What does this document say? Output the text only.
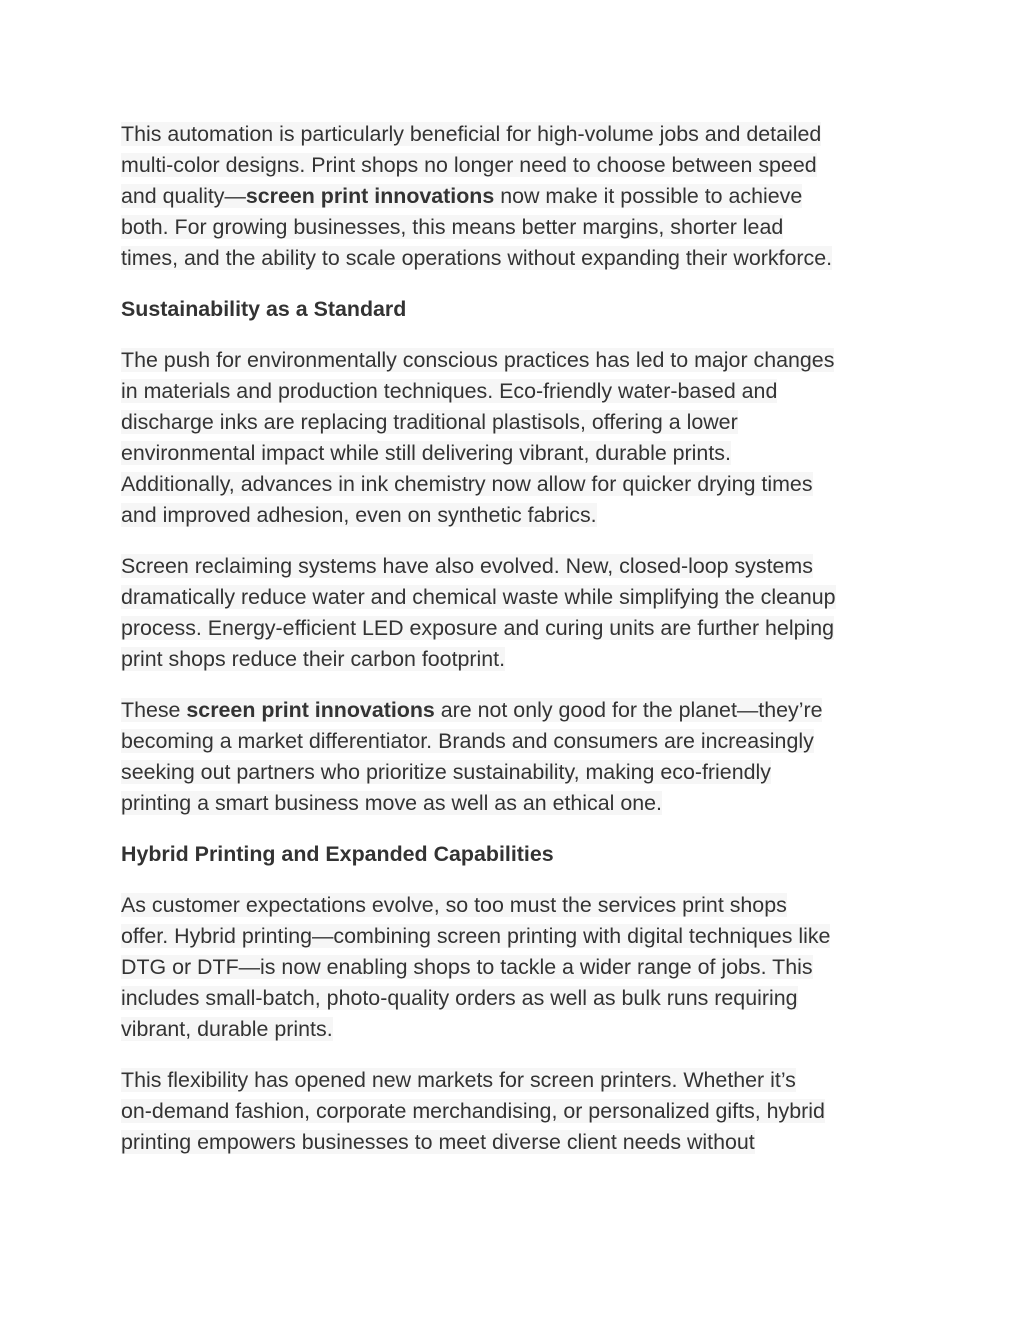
This automation is particularly beneficial for high-volume jobs and detailed
multi-color designs. Print shops no longer need to choose between speed
and quality—screen print innovations now make it possible to achieve
both. For growing businesses, this means better margins, shorter lead
times, and the ability to scale operations without expanding their workforce.
Sustainability as a Standard
The push for environmentally conscious practices has led to major changes
in materials and production techniques. Eco-friendly water-based and
discharge inks are replacing traditional plastisols, offering a lower
environmental impact while still delivering vibrant, durable prints.
Additionally, advances in ink chemistry now allow for quicker drying times
and improved adhesion, even on synthetic fabrics.
Screen reclaiming systems have also evolved. New, closed-loop systems
dramatically reduce water and chemical waste while simplifying the cleanup
process. Energy-efficient LED exposure and curing units are further helping
print shops reduce their carbon footprint.
These screen print innovations are not only good for the planet—they’re
becoming a market differentiator. Brands and consumers are increasingly
seeking out partners who prioritize sustainability, making eco-friendly
printing a smart business move as well as an ethical one.
Hybrid Printing and Expanded Capabilities
As customer expectations evolve, so too must the services print shops
offer. Hybrid printing—combining screen printing with digital techniques like
DTG or DTF—is now enabling shops to tackle a wider range of jobs. This
includes small-batch, photo-quality orders as well as bulk runs requiring
vibrant, durable prints.
This flexibility has opened new markets for screen printers. Whether it’s
on-demand fashion, corporate merchandising, or personalized gifts, hybrid
printing empowers businesses to meet diverse client needs without
